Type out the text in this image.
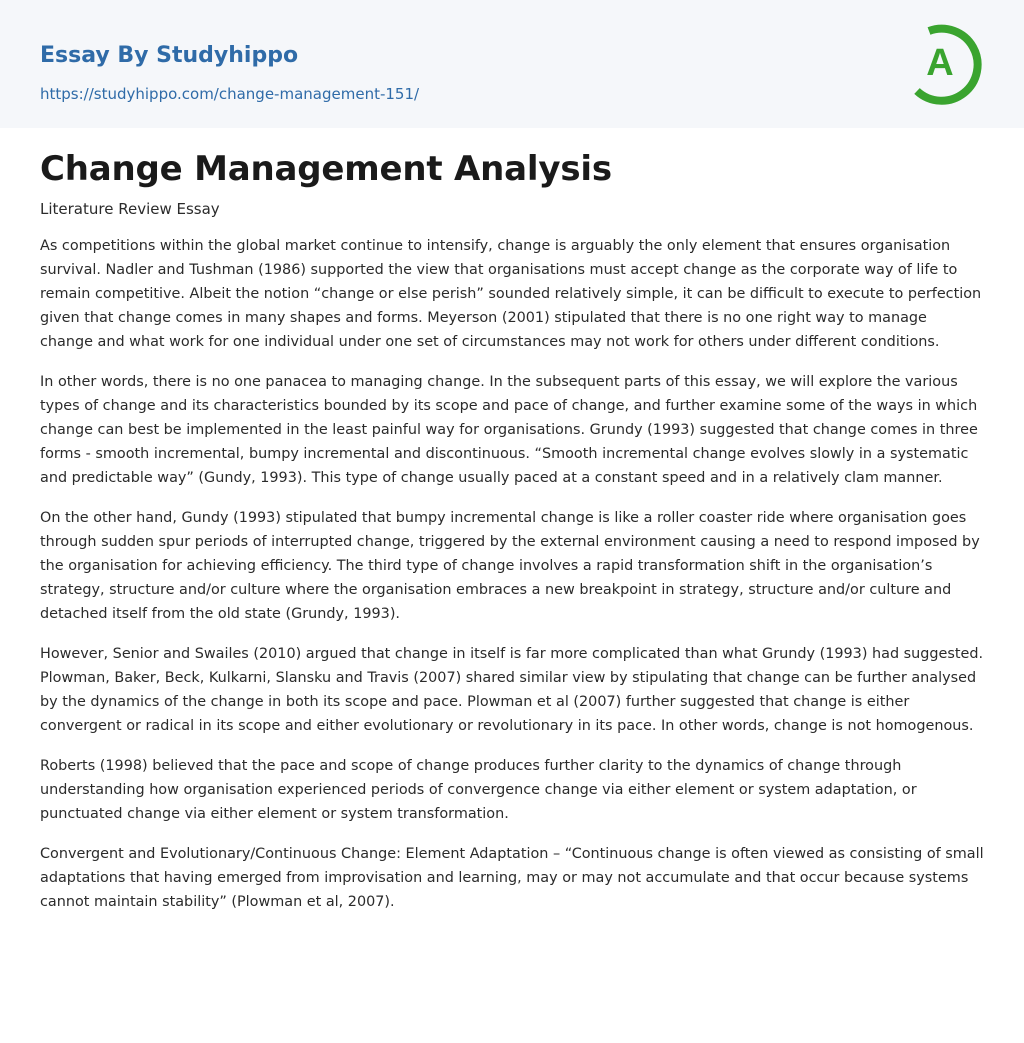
Essay By Studyhippo
https://studyhippo.com/change-management-151/
A
Change Management Analysis
Literature Review Essay

As competitions within the global market continue to intensify, change is arguably the only element that ensures organisation survival. Nadler and Tushman (1986) supported the view that organisations must accept change as the corporate way of life to remain competitive. Albeit the notion “change or else perish” sounded relatively simple, it can be difficult to execute to perfection given that change comes in many shapes and forms. Meyerson (2001) stipulated that there is no one right way to manage change and what work for one individual under one set of circumstances may not work for others under different conditions.

In other words, there is no one panacea to managing change. In the subsequent parts of this essay, we will explore the various types of change and its characteristics bounded by its scope and pace of change, and further examine some of the ways in which change can best be implemented in the least painful way for organisations. Grundy (1993) suggested that change comes in three forms - smooth incremental, bumpy incremental and discontinuous. “Smooth incremental change evolves slowly in a systematic and predictable way” (Gundy, 1993). This type of change usually paced at a constant speed and in a relatively clam manner.

On the other hand, Gundy (1993) stipulated that bumpy incremental change is like a roller coaster ride where organisation goes through sudden spur periods of interrupted change, triggered by the external environment causing a need to respond imposed by the organisation for achieving efficiency. The third type of change involves a rapid transformation shift in the organisation’s strategy, structure and/or culture where the organisation embraces a new breakpoint in strategy, structure and/or culture and detached itself from the old state (Grundy, 1993).

However, Senior and Swailes (2010) argued that change in itself is far more complicated than what Grundy (1993) had suggested. Plowman, Baker, Beck, Kulkarni, Slansku and Travis (2007) shared similar view by stipulating that change can be further analysed by the dynamics of the change in both its scope and pace. Plowman et al (2007) further suggested that change is either convergent or radical in its scope and either evolutionary or revolutionary in its pace. In other words, change is not homogenous.

Roberts (1998) believed that the pace and scope of change produces further clarity to the dynamics of change through understanding how organisation experienced periods of convergence change via either element or system adaptation, or punctuated change via either element or system transformation.

Convergent and Evolutionary/Continuous Change: Element Adaptation – “Continuous change is often viewed as consisting of small adaptations that having emerged from improvisation and learning, may or may not accumulate and that occur because systems cannot maintain stability” (Plowman et al, 2007).
